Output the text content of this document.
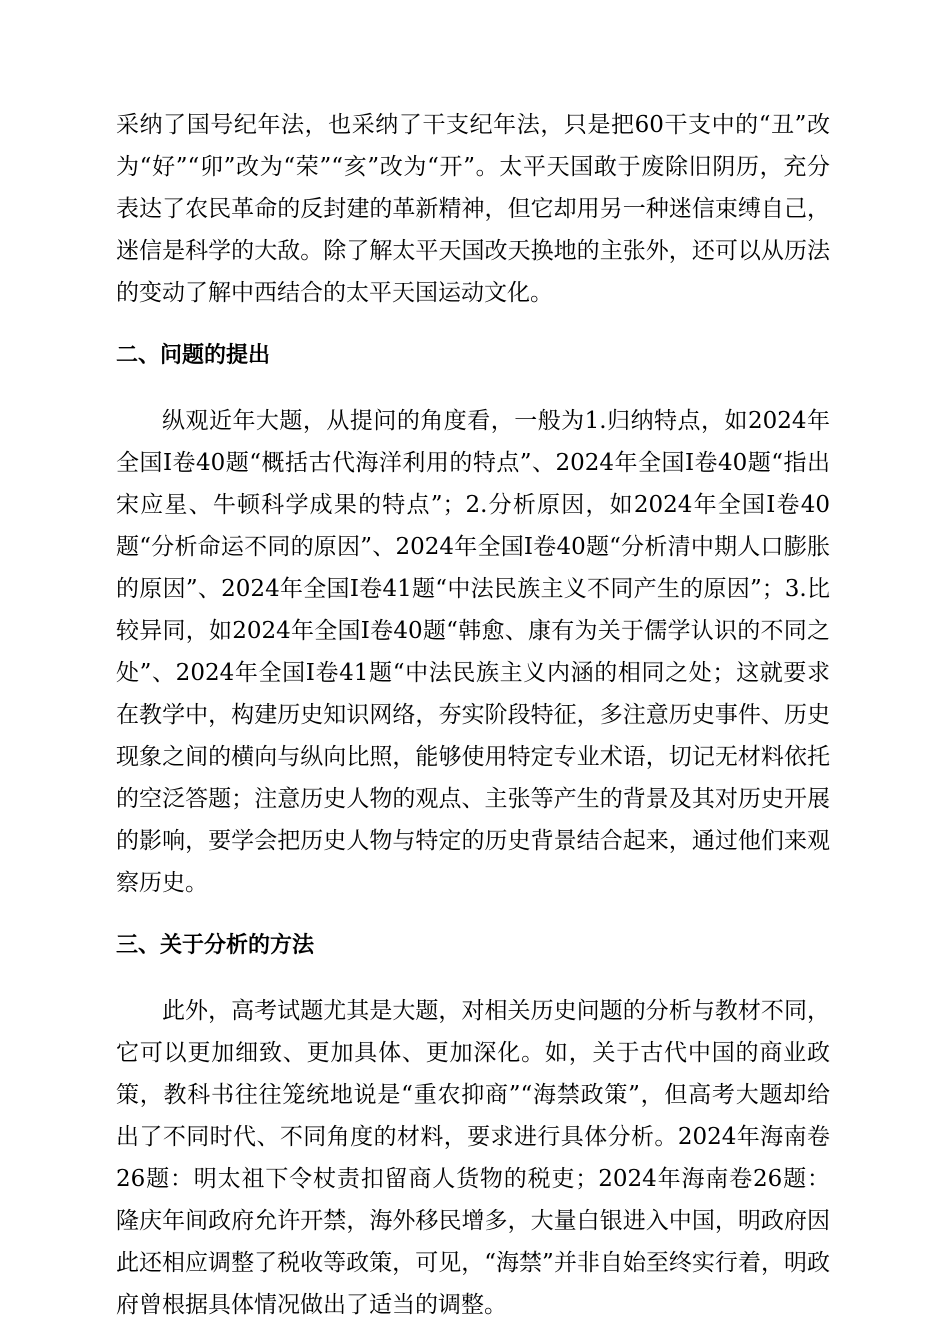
采纳了国号纪年法，也采纳了干支纪年法，只是把60干支中的“丑”改为“好”“卯”改为“荣”“亥”改为“开”。太平天国敢于废除旧阴历，充分表达了农民革命的反封建的革新精神，但它却用另一种迷信束缚自己，迷信是科学的大敌。除了解太平天国改天换地的主张外，还可以从历法的变动了解中西结合的太平天国运动文化。

二、问题的提出

纵观近年大题，从提问的角度看，一般为1.归纳特点，如2024年全国Ⅰ卷40题“概括古代海洋利用的特点”、2024年全国Ⅰ卷40题“指出宋应星、牛顿科学成果的特点”；2.分析原因，如2024年全国Ⅰ卷40题“分析命运不同的原因”、2024年全国Ⅰ卷40题“分析清中期人口膨胀的原因”、2024年全国Ⅰ卷41题“中法民族主义不同产生的原因”；3.比较异同，如2024年全国Ⅰ卷40题“韩愈、康有为关于儒学认识的不同之处”、2024年全国Ⅰ卷41题“中法民族主义内涵的相同之处；这就要求在教学中，构建历史知识网络，夯实阶段特征，多注意历史事件、历史现象之间的横向与纵向比照，能够使用特定专业术语，切记无材料依托的空泛答题；注意历史人物的观点、主张等产生的背景及其对历史开展的影响，要学会把历史人物与特定的历史背景结合起来，通过他们来观察历史。

三、关于分析的方法

此外，高考试题尤其是大题，对相关历史问题的分析与教材不同，它可以更加细致、更加具体、更加深化。如，关于古代中国的商业政策，教科书往往笼统地说是“重农抑商”“海禁政策”，但高考大题却给出了不同时代、不同角度的材料，要求进行具体分析。2024年海南卷26题：明太祖下令杖责扣留商人货物的税吏；2024年海南卷26题：隆庆年间政府允许开禁，海外移民增多，大量白银进入中国，明政府因此还相应调整了税收等政策，可见，“海禁”并非自始至终实行着，明政府曾根据具体情况做出了适当的调整。
